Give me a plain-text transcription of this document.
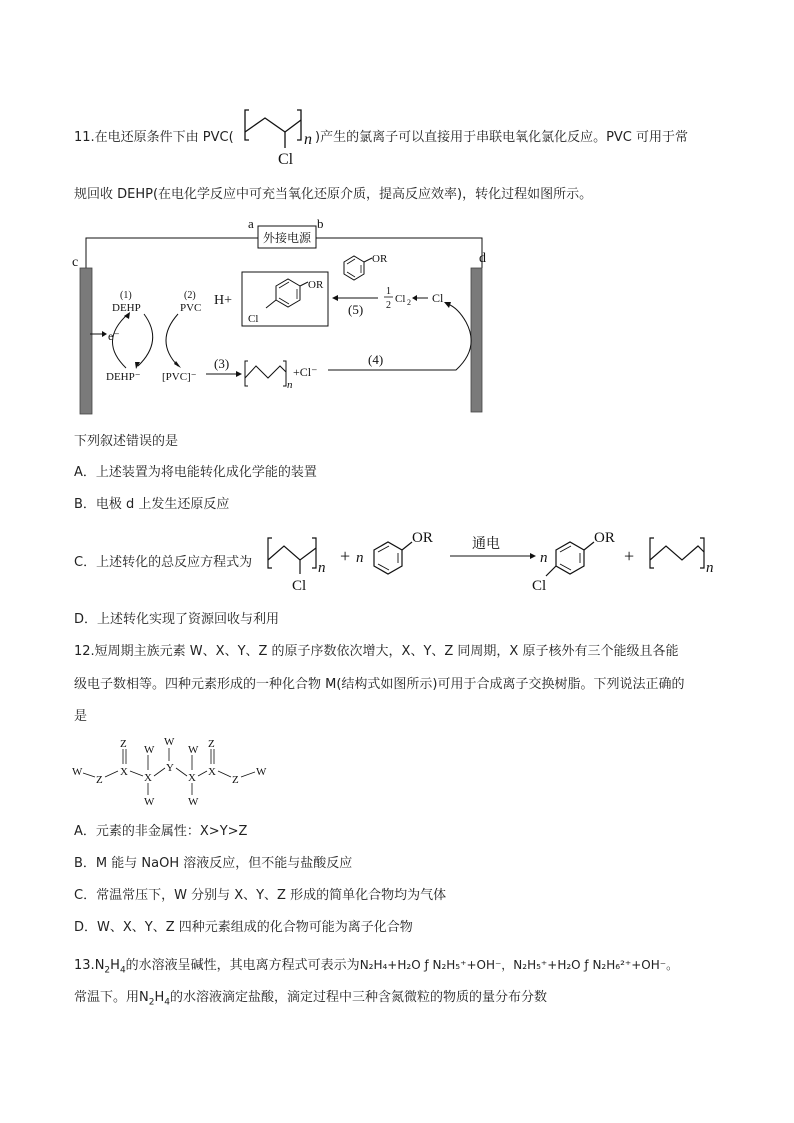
11.在电还原条件下由 PVC(
Cl
n )产生的氯离子可以直接用于串联电氧化氯化反应。PVC 可用于常
规回收 DEHP(在电化学反应中可充当氧化还原介质，提高反应效率)，转化过程如图所示。
外接电源
a	b
c	d
(1)
DEHP
(2)
PVC
e⁻
DEHP⁻ [PVC]⁻
(3)
n
+Cl⁻
(4)
H+
OR
Cl
OR
(5)
1
2
Cl 2 Cl
下列叙述错误的是
A．上述装置为将电能转化成化学能的装置
B．电极 d 上发生还原反应
C．上述转化的总反应方程式为
Cl
n
+ n
OR	通电
n
OR
Cl
+
n
D．上述转化实现了资源回收与利用
12.短周期主族元素 W、X、Y、Z 的原子序数依次增大，X、Y、Z 同周期，X 原子核外有三个能级且各能
级电子数相等。四种元素形成的一种化合物 M(结构式如图所示)可用于合成离子交换树脂。下列说法正确的
是
W
Z
Z
X
W
X
W
W
Y
W
X
W
Z
X
Z
W
A．元素的非金属性：X>Y>Z
B．M 能与 NaOH 溶液反应，但不能与盐酸反应
C．常温常压下，W 分别与 X、Y、Z 形成的简单化合物均为气体
D．W、X、Y、Z 四种元素组成的化合物可能为离子化合物
$13.N_2H_4$的水溶液呈碱性，其电离方程式可表示为N₂H₄+H₂O ƒ N₂H₅⁺+OH⁻，N₂H₅⁺+H₂O ƒ N₂H₆²⁺+OH⁻。
常温下。用$N_2H_4$的水溶液滴定盐酸，滴定过程中三种含氮微粒的物质的量分布分数
